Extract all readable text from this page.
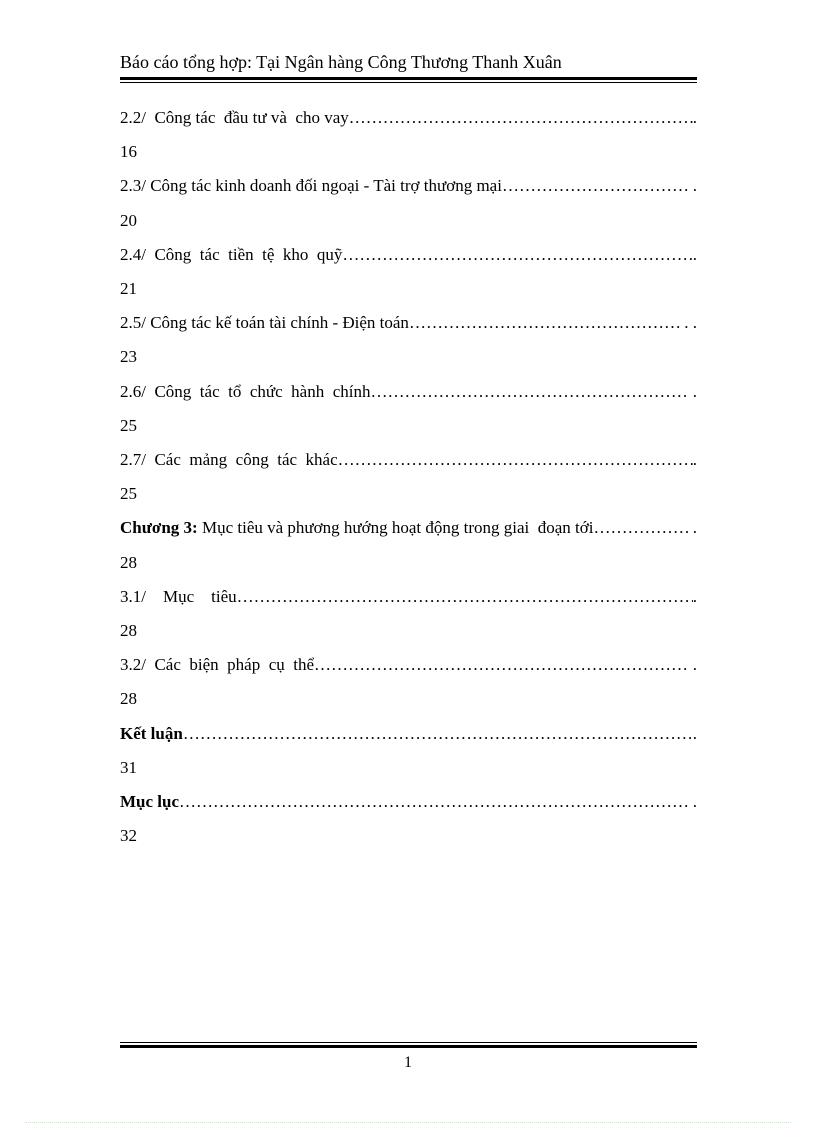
Báo cáo tổng hợp: Tại Ngân hàng Công Thương Thanh Xuân
2.2/  Công tác  đầu tư và  cho vay ……………………………………………………………………………………………………………………………	.
16
2.3/ Công tác kinh doanh đối ngoại - Tài trợ thương mại ……………………………………………………………………………………………………………………………	.
20
2.4/  Công  tác  tiền  tệ  kho  quỹ ……………………………………………………………………………………………………………………………	.
21
2.5/ Công tác kế toán tài chính - Điện toán ……………………………………………………………………………………………………………………………	. .
23
2.6/  Công  tác  tổ  chức  hành  chính ……………………………………………………………………………………………………………………………	.
25
2.7/  Các  mảng  công  tác  khác ……………………………………………………………………………………………………………………………	.
25
Chương 3: Mục tiêu và phương hướng hoạt động trong giai  đoạn tới ……………………………………………………………………………………………………………………………	.
28
3.1/    Mục    tiêu ……………………………………………………………………………………………………………………………	.
28
3.2/  Các  biện  pháp  cụ  thể ……………………………………………………………………………………………………………………………	.
28
Kết luận ……………………………………………………………………………………………………………………………	.
31
Mục lục ……………………………………………………………………………………………………………………………	.
32
1
